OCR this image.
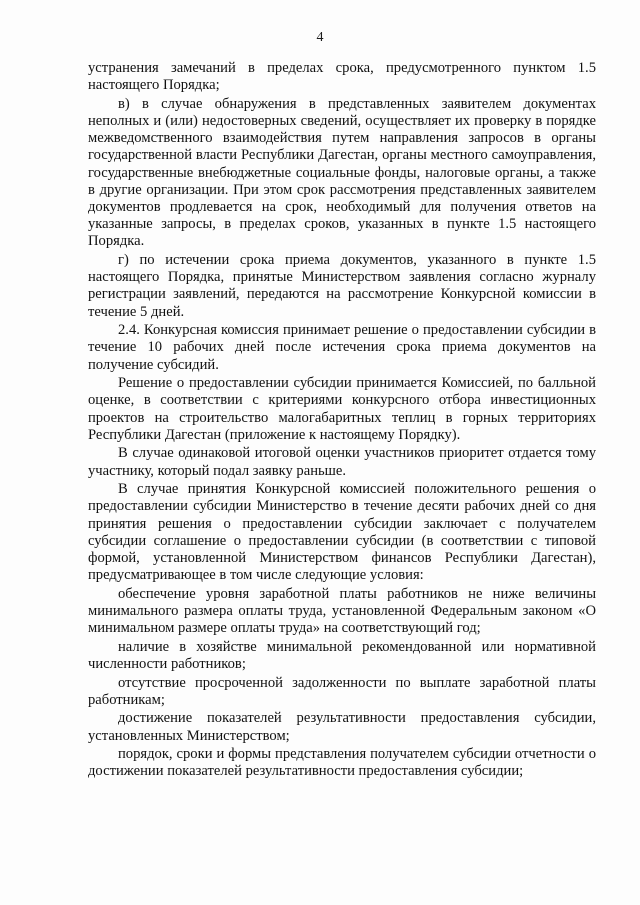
4

устранения замечаний в пределах срока, предусмотренного пунктом 1.5 настоящего Порядка;

в) в случае обнаружения в представленных заявителем документах неполных и (или) недостоверных сведений, осуществляет их проверку в порядке межведомственного взаимодействия путем направления запросов в органы государственной власти Республики Дагестан, органы местного самоуправления, государственные внебюджетные социальные фонды, налоговые органы, а также в другие организации. При этом срок рассмотрения представленных заявителем документов продлевается на срок, необходимый для получения ответов на указанные запросы, в пределах сроков, указанных в пункте 1.5 настоящего Порядка.

г) по истечении срока приема документов, указанного в пункте 1.5 настоящего Порядка, принятые Министерством заявления согласно журналу регистрации заявлений, передаются на рассмотрение Конкурсной комиссии в течение 5 дней.

2.4. Конкурсная комиссия принимает решение о предоставлении субсидии в течение 10 рабочих дней после истечения срока приема документов на получение субсидий.

Решение о предоставлении субсидии принимается Комиссией, по балльной оценке, в соответствии с критериями конкурсного отбора инвестиционных проектов на строительство малогабаритных теплиц в горных территориях Республики Дагестан (приложение к настоящему Порядку).

В случае одинаковой итоговой оценки участников приоритет отдается тому участнику, который подал заявку раньше.

В случае принятия Конкурсной комиссией положительного решения о предоставлении субсидии Министерство в течение десяти рабочих дней со дня принятия решения о предоставлении субсидии заключает с получателем субсидии соглашение о предоставлении субсидии (в соответствии с типовой формой, установленной Министерством финансов Республики Дагестан), предусматривающее в том числе следующие условия:

обеспечение уровня заработной платы работников не ниже величины минимального размера оплаты труда, установленной Федеральным законом «О минимальном размере оплаты труда» на соответствующий год;

наличие в хозяйстве минимальной рекомендованной или нормативной численности работников;

отсутствие просроченной задолженности по выплате заработной платы работникам;

достижение показателей результативности предоставления субсидии, установленных Министерством;

порядок, сроки и формы представления получателем субсидии отчетности о достижении показателей результативности предоставления субсидии;
